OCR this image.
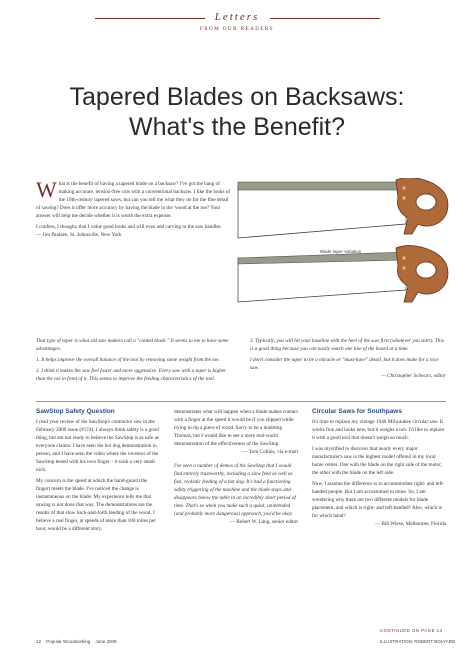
Letters
FROM OUR READERS
Tapered Blades on Backsaws:
What's the Benefit?

What is the benefit of having a tapered blade on a backsaw? I've got the hang of making accurate, tension-free cuts with a conventional backsaw. I like the looks of the 18th-century tapered saws, but can you tell me what they do for the fine detail of sawing? Does it offer more accuracy by having the blade in the 'wood at the toe? Your answer will help me decide whether it is worth the extra expense.

I confess, I thought, that I value good looks and will even add carving to the saw handles.

— Jim Paulsen, St. Johnsville, New York

Blade taper variation

That type of taper is what old saw makers call a "canted blade." It seems to me to have some advantages.

1. It helps improve the overall balance of the tool by removing some weight from the toe.

2. I think it makes the saw feel faster and more aggressive. Every saw with a taper is higher than the toe in front of it. This seems to improve the feeding characteristics of the tool.

3. Typically, you will hit your baseline with the heel of the saw first (whatever you start). This is a good thing because you can easily watch one line of the board at a time.

I don't consider the taper to be a miracle or "must-have" detail, but it does make for a nice saw.

— Christopher Schwarz, editor

SawStop Safety Question

I read your review of the SawStop's contractor saw in the February 2009 issue (#174). I always think safety is a good thing, but am not ready to believe the SawStop is as safe as everyone claims. I have seen the hot dog demonstration in person, and I have seen the video where the inventor of the SawStop tested with his own finger – it took a very small nick.

My concern is the speed at which the hand-guard (the finger) meets the blade. I've noticed the change is instantaneous on the blade. My experience tells me that sawing is not done that way. The demonstrations are the results of that slow back-and-forth feeding of the wood. I believe a real finger, at speeds of more than 100 miles per hour, would be a different story.

demonstrates what will happen when a blade makes contact with a finger at the speed it would be if you slipped while trying to rip a piece of wood. Sorry to be a doubting Thomas, but I would like to see a more real-world demonstration of the effectiveness of the SawStop.

— Tom Collins, via e-mail

I've seen a number of demos of the SawStop that I would find entirely trustworthy, including a slow feed as well as fast, realistic feeding of a hot dog. It's had a functioning safety triggering of the machine and the blade stops and disappears below the table in an incredibly short period of time. That's so when you make such a quick, unintended (and probably more dangerous) approach, you'd be okay.

— Robert W. Lang, senior editor

Circular Saws for Southpaws

It's time to replace my vintage 1940 Milwaukee circular saw. It works fine and looks new, but it weighs a ton. I'd like to replace it with a good tool that doesn't weigh so much.

I was mystified to discover that nearly every major manufacturer's saw is the highest model offered in my local home center. One with the blade on the right side of the motor, the other with the blade on the left side.

Now, I assume the difference is to accommodate right- and left-handed people. But I am accustomed to mine. So, I am wondering why there are two different models for blade placement, and which is right- and left-handed? Also, which is for which hand?

— Bill Wiese, Melbourne, Florida

CONTINUED ON PAGE 14
12 Popular Woodworking June 2009	ILLUSTRATION: ROBERT BOLYARD
